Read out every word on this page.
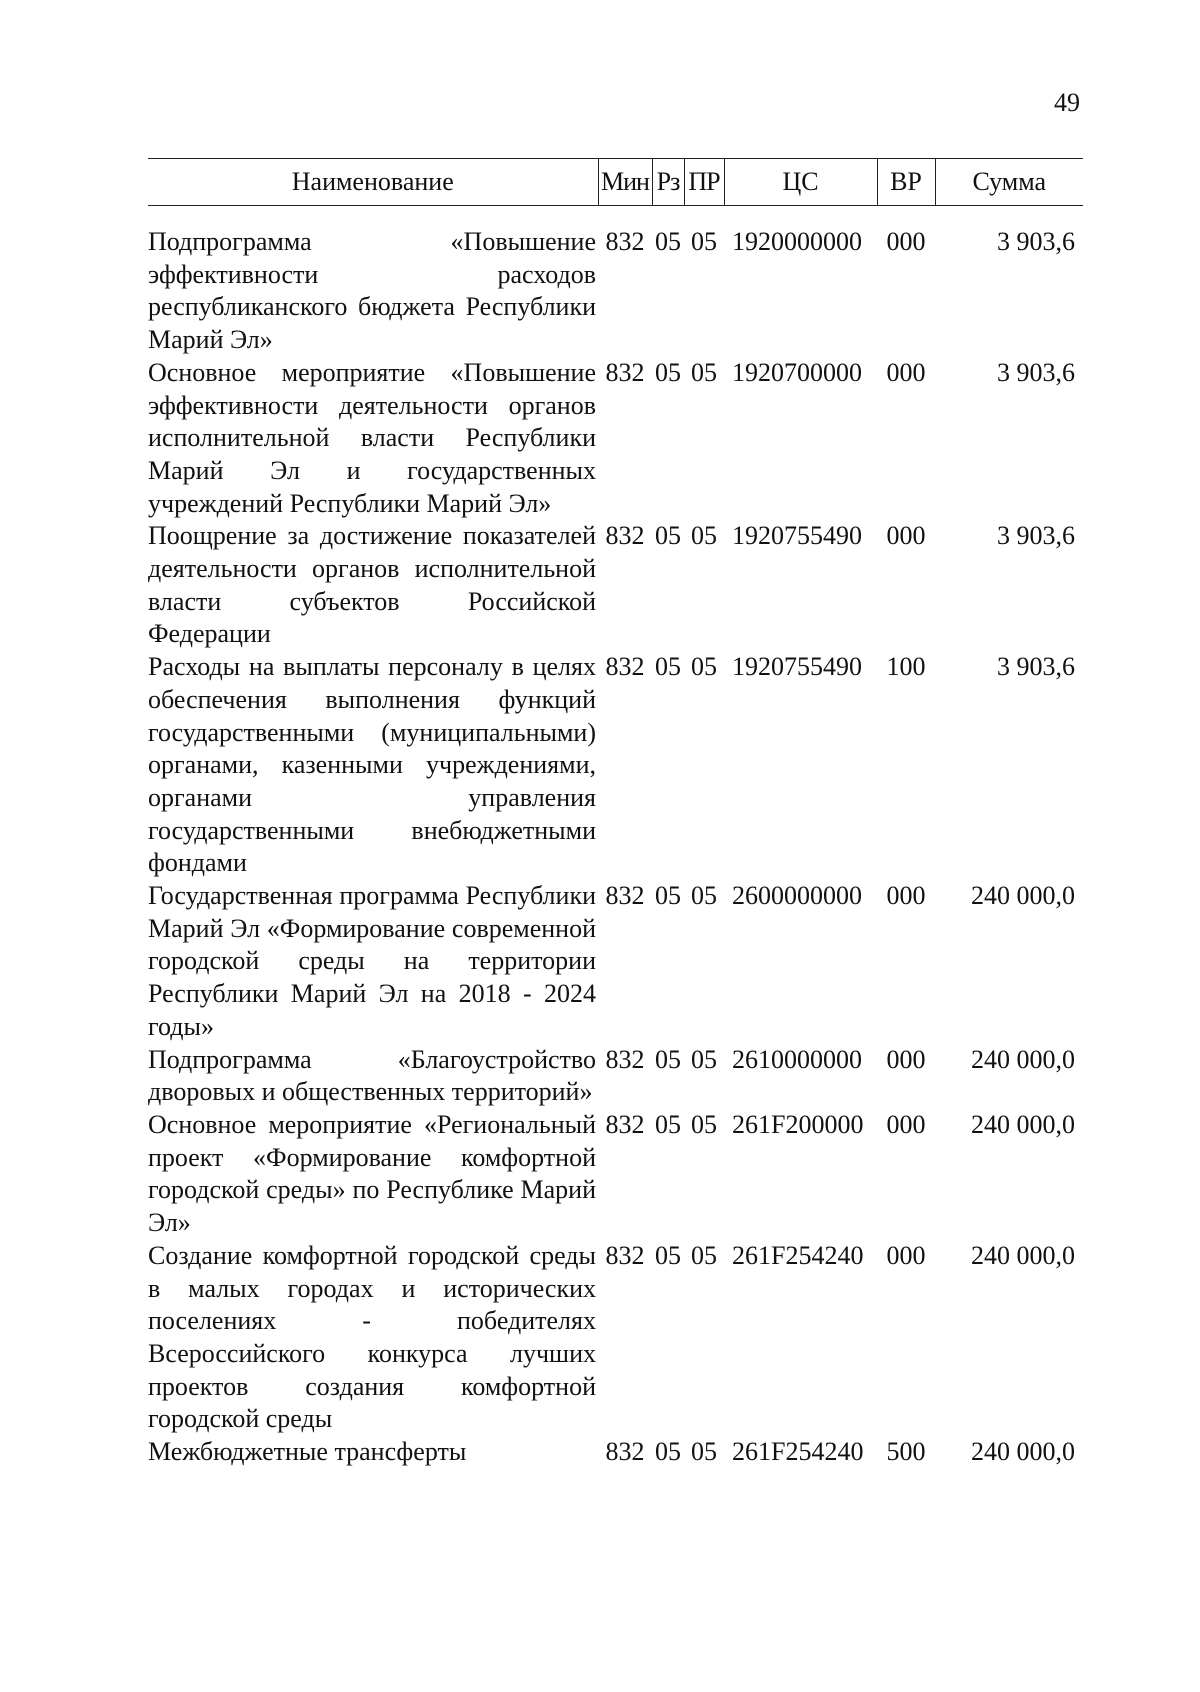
49
Наименование	Мин	Рз	ПР	ЦС	ВР	Сумма

Подпрограмма «Повышение эффективности расходов республиканского бюджета Республики Марий Эл»	832	05	05	1920000000	000	3 903,6
Основное мероприятие «Повышение эффективности деятельности органов исполнительной власти Республики Марий Эл и государственных учреждений Республики Марий Эл»	832	05	05	1920700000	000	3 903,6
Поощрение за достижение показателей деятельности органов исполнительной власти субъектов Российской Федерации	832	05	05	1920755490	000	3 903,6
Расходы на выплаты персоналу в целях обеспечения выполнения функций государственными (муниципальными) органами, казенными учреждениями, органами управления государственными внебюджетными фондами	832	05	05	1920755490	100	3 903,6
Государственная программа Республики Марий Эл «Формирование современной городской среды на территории Республики Марий Эл на 2018 - 2024 годы»	832	05	05	2600000000	000	240 000,0
Подпрограмма «Благоустройство дворовых и общественных территорий»	832	05	05	2610000000	000	240 000,0
Основное мероприятие «Региональный проект «Формирование комфортной городской среды» по Республике Марий Эл»	832	05	05	261F200000	000	240 000,0
Создание комфортной городской среды в малых городах и исторических поселениях - победителях Всероссийского конкурса лучших проектов создания комфортной городской среды	832	05	05	261F254240	000	240 000,0
Межбюджетные трансферты	832	05	05	261F254240	500	240 000,0
